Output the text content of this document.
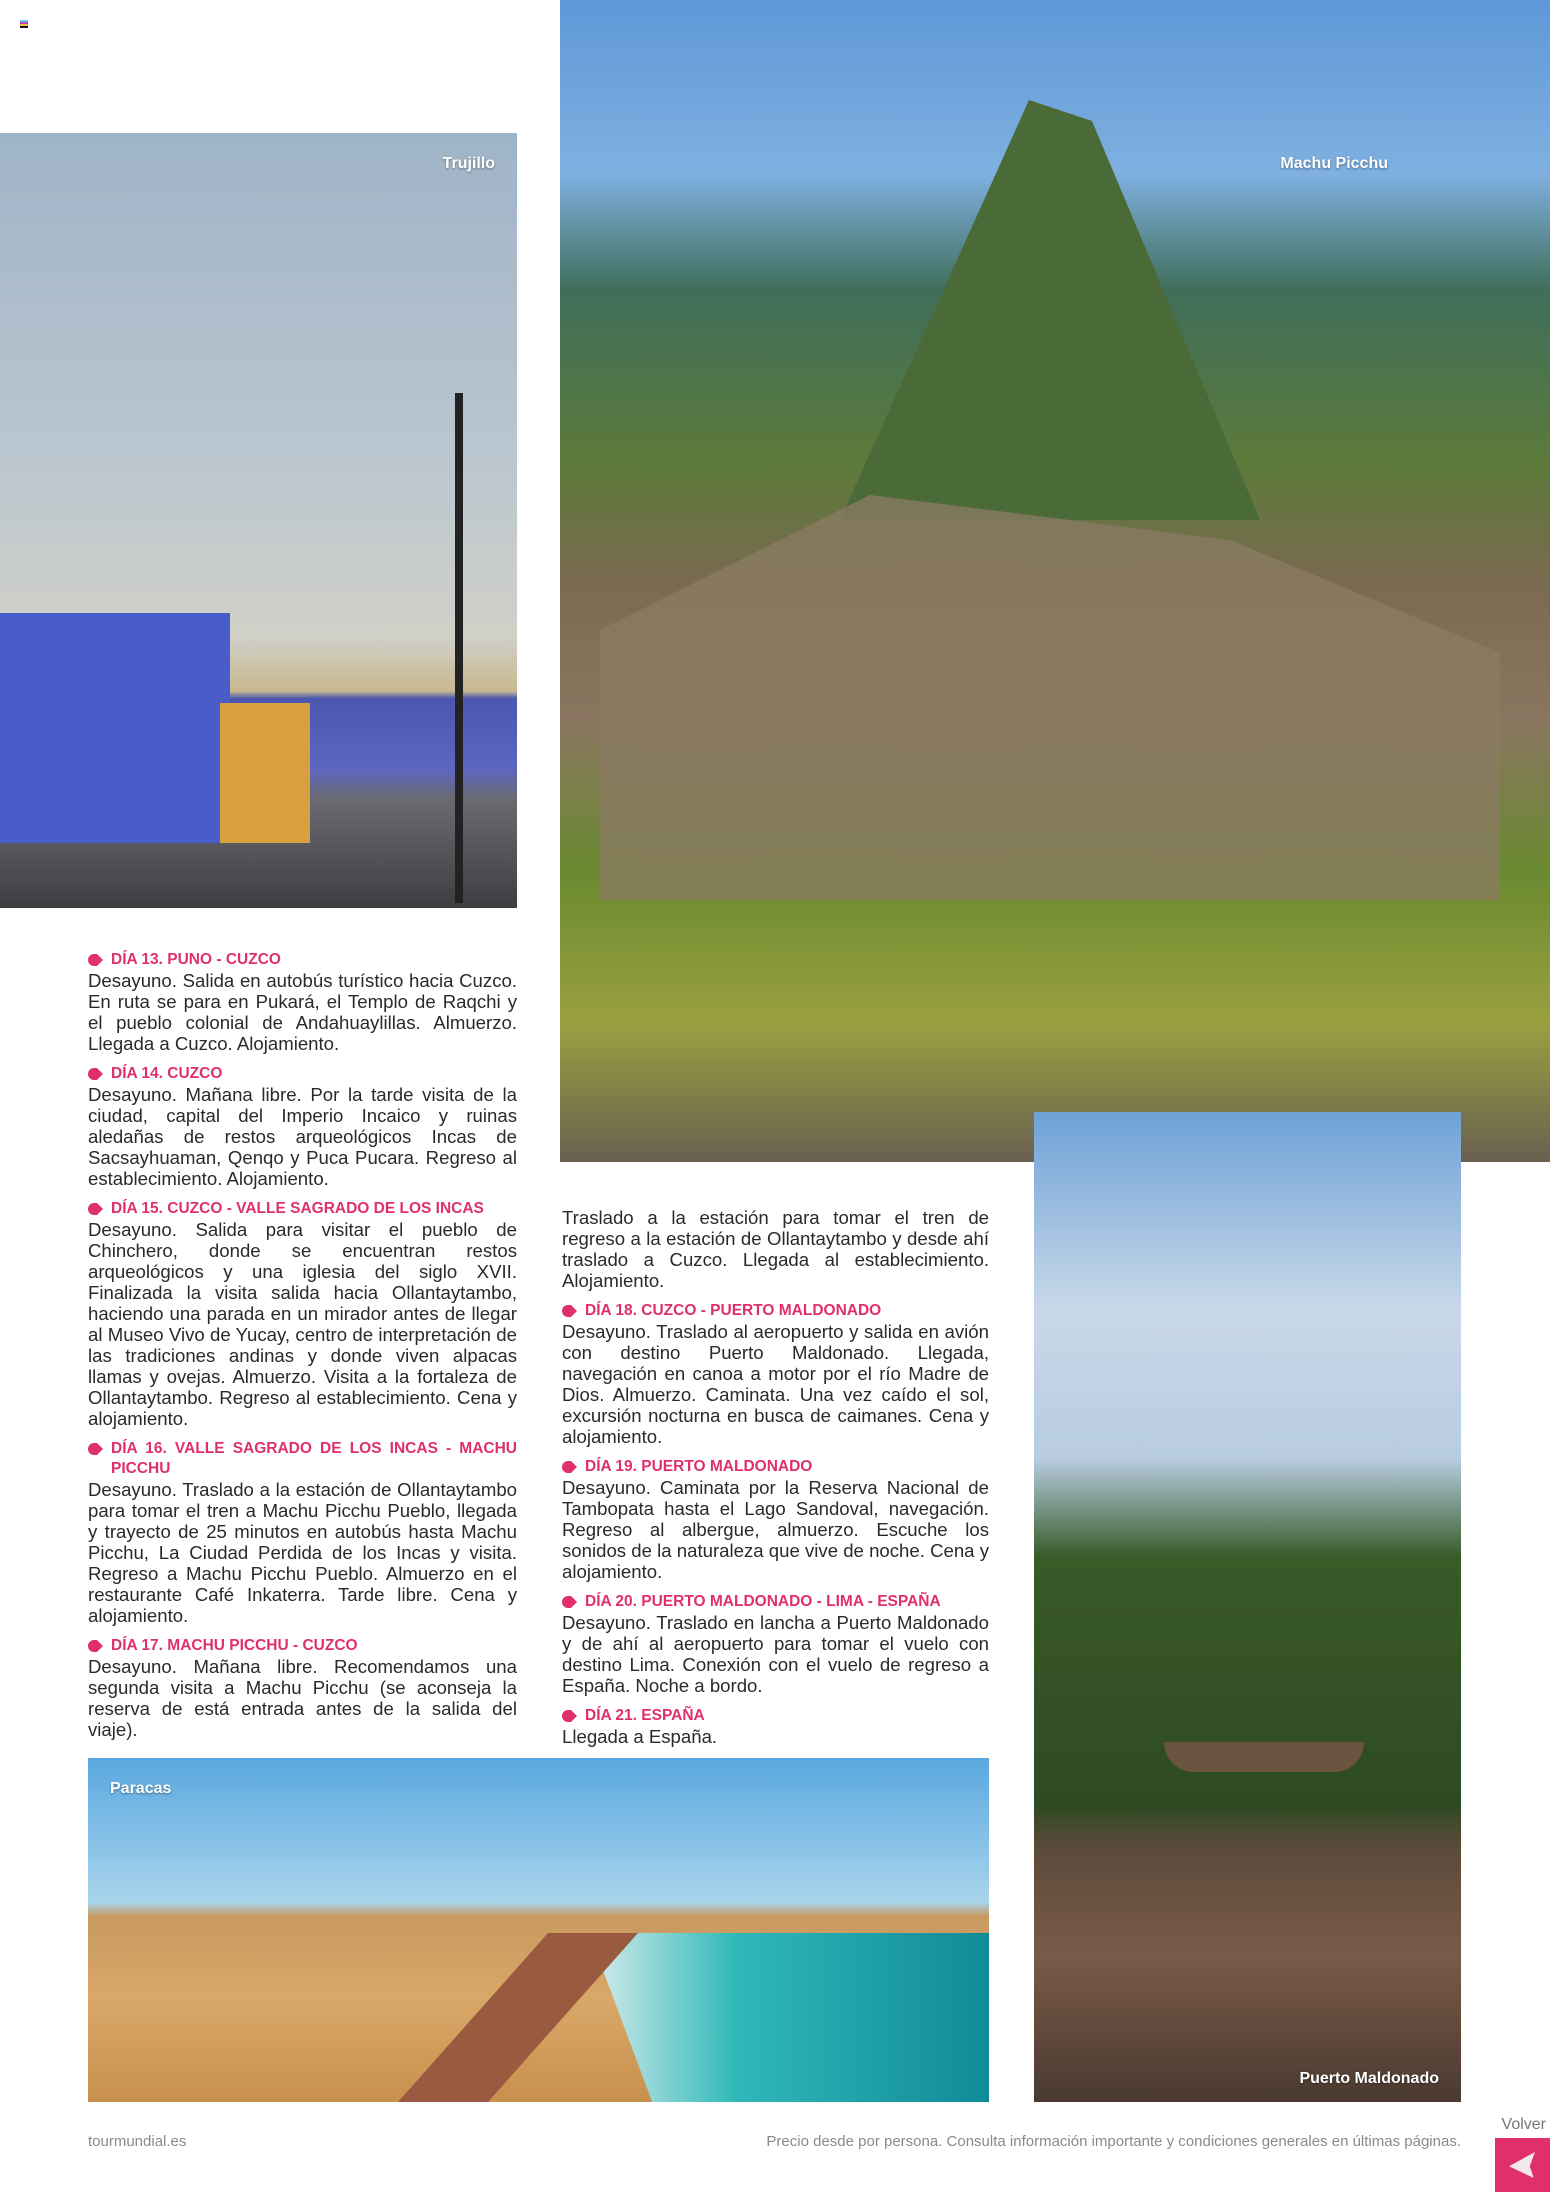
Trujillo	Machu Picchu
Puerto Maldonado
Paracas
DÍA 13. PUNO - CUZCO

Desayuno. Salida en autobús turístico hacia Cuzco. En ruta se para en Pukará, el Templo de Raqchi y el pueblo colonial de Andahuaylillas. Almuerzo. Llegada a Cuzco. Alojamiento.

DÍA 14. CUZCO

Desayuno. Mañana libre. Por la tarde visita de la ciudad, capital del Imperio Incaico y ruinas aledañas de restos arqueológicos Incas de Sacsayhuaman, Qenqo y Puca Pucara. Regreso al establecimiento. Alojamiento.

DÍA 15. CUZCO - VALLE SAGRADO DE LOS INCAS

Desayuno. Salida para visitar el pueblo de Chinchero, donde se encuentran restos arqueológicos y una iglesia del siglo XVII. Finalizada la visita salida hacia Ollantaytambo, haciendo una parada en un mirador antes de llegar al Museo Vivo de Yucay, centro de interpretación de las tradiciones andinas y donde viven alpacas llamas y ovejas. Almuerzo. Visita a la fortaleza de Ollantaytambo. Regreso al establecimiento. Cena y alojamiento.

DÍA 16. VALLE SAGRADO DE LOS INCAS - MACHU PICCHU

Desayuno. Traslado a la estación de Ollantaytambo para tomar el tren a Machu Picchu Pueblo, llegada y trayecto de 25 minutos en autobús hasta Machu Picchu, La Ciudad Perdida de los Incas y visita. Regreso a Machu Picchu Pueblo. Almuerzo en el restaurante Café Inkaterra. Tarde libre. Cena y alojamiento.

DÍA 17. MACHU PICCHU - CUZCO

Desayuno. Mañana libre. Recomendamos una segunda visita a Machu Picchu (se aconseja la reserva de está entrada antes de la salida del viaje).

Traslado a la estación para tomar el tren de regreso a la estación de Ollantaytambo y desde ahí traslado a Cuzco. Llegada al establecimiento. Alojamiento.

DÍA 18. CUZCO - PUERTO MALDONADO

Desayuno. Traslado al aeropuerto y salida en avión con destino Puerto Maldonado. Llegada, navegación en canoa a motor por el río Madre de Dios. Almuerzo. Caminata. Una vez caído el sol, excursión nocturna en busca de caimanes. Cena y alojamiento.

DÍA 19. PUERTO MALDONADO

Desayuno. Caminata por la Reserva Nacional de Tambopata hasta el Lago Sandoval, navegación. Regreso al albergue, almuerzo. Escuche los sonidos de la naturaleza que vive de noche. Cena y alojamiento.

DÍA 20. PUERTO MALDONADO - LIMA - ESPAÑA

Desayuno. Traslado en lancha a Puerto Maldonado y de ahí al aeropuerto para tomar el vuelo con destino Lima. Conexión con el vuelo de regreso a España. Noche a bordo.

DÍA 21. ESPAÑA

Llegada a España.

tourmundial.es	Precio desde por persona. Consulta información importante y condiciones generales en últimas páginas.
Volver
